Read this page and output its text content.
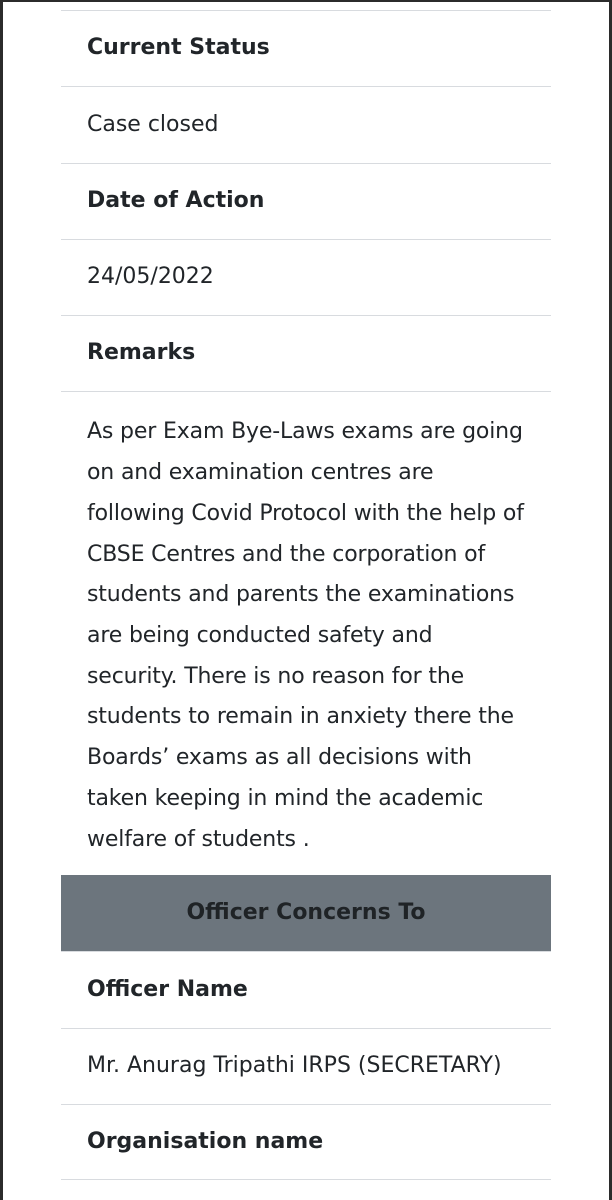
Current Status
Case closed
Date of Action
24/05/2022
Remarks
As per Exam Bye-Laws exams are going on and examination centres are following Covid Protocol with the help of CBSE Centres and the corporation of students and parents the examinations are being conducted safety and security. There is no reason for the students to remain in anxiety there the Boards’ exams as all decisions with taken keeping in mind the academic welfare of students .
Officer Concerns To
Officer Name
Mr. Anurag Tripathi IRPS (SECRETARY)
Organisation name
